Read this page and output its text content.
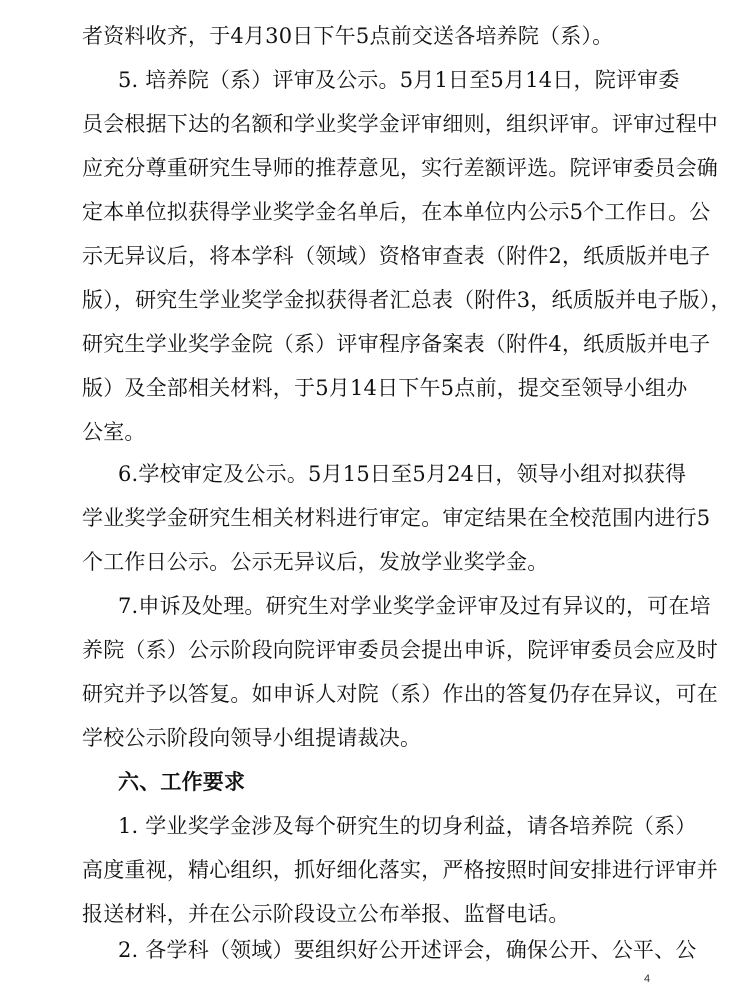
者资料收齐，于4月30日下午5点前交送各培养院（系）。
5. 培养院（系）评审及公示。5月1日至5月14日，院评审委
员会根据下达的名额和学业奖学金评审细则，组织评审。评审过程中
应充分尊重研究生导师的推荐意见，实行差额评选。院评审委员会确
定本单位拟获得学业奖学金名单后，在本单位内公示5个工作日。公
示无异议后，将本学科（领域）资格审查表（附件2，纸质版并电子
版），研究生学业奖学金拟获得者汇总表（附件3，纸质版并电子版），
研究生学业奖学金院（系）评审程序备案表（附件4，纸质版并电子
版）及全部相关材料，于5月14日下午5点前，提交至领导小组办
公室。
6.学校审定及公示。5月15日至5月24日，领导小组对拟获得
学业奖学金研究生相关材料进行审定。审定结果在全校范围内进行5
个工作日公示。公示无异议后，发放学业奖学金。
7.申诉及处理。研究生对学业奖学金评审及过有异议的，可在培
养院（系）公示阶段向院评审委员会提出申诉，院评审委员会应及时
研究并予以答复。如申诉人对院（系）作出的答复仍存在异议，可在
学校公示阶段向领导小组提请裁决。
六、工作要求
1. 学业奖学金涉及每个研究生的切身利益，请各培养院（系）
高度重视，精心组织，抓好细化落实，严格按照时间安排进行评审并
报送材料，并在公示阶段设立公布举报、监督电话。
2. 各学科（领域）要组织好公开述评会，确保公开、公平、公
4
